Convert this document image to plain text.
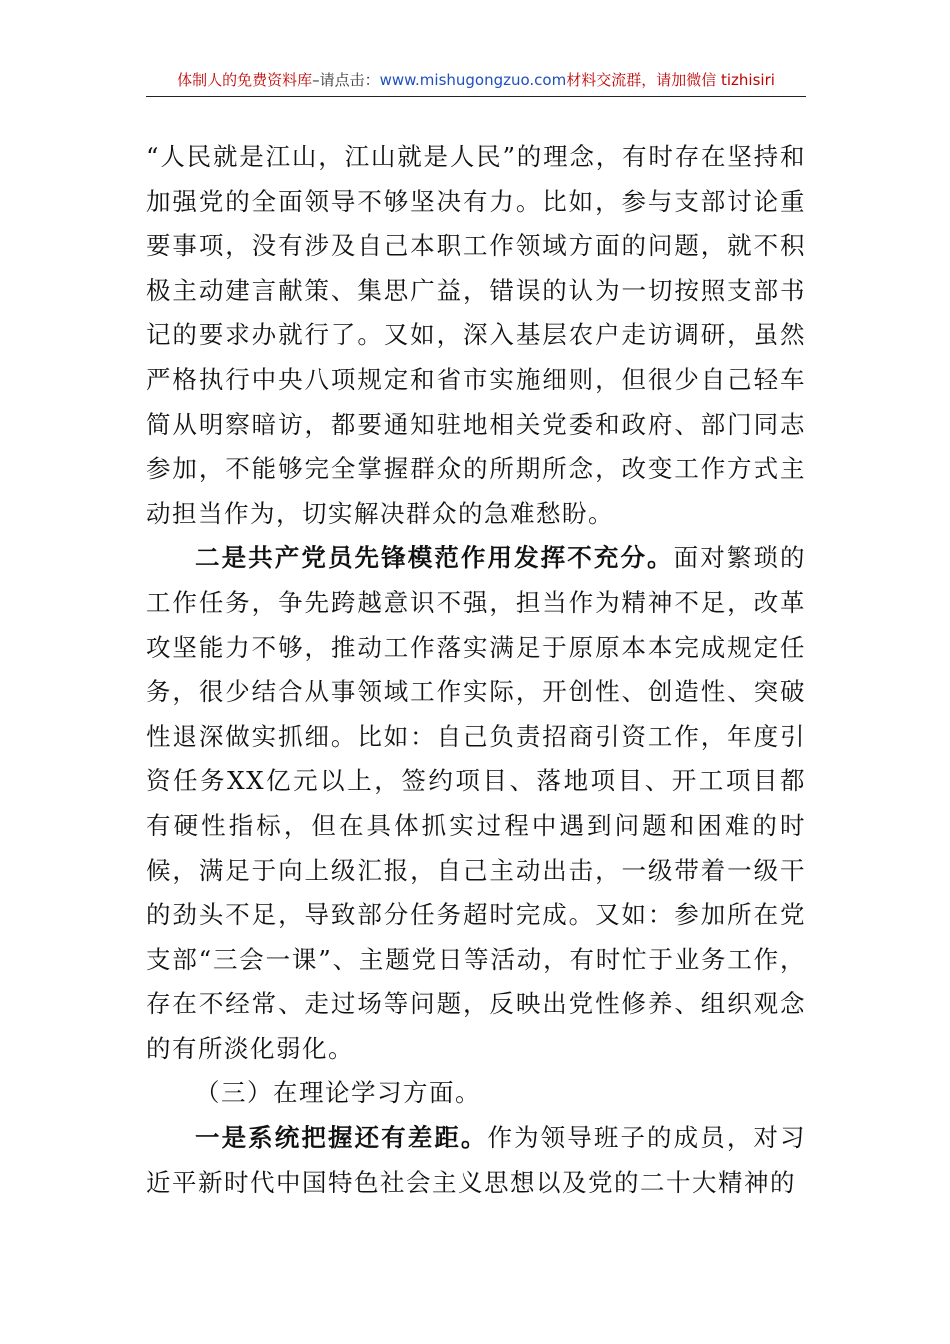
体制人的免费资料库–请点击：www.mishugongzuo.com材料交流群，请加微信 tizhisiri

“人民就是江山，江山就是人民”的理念，有时存在坚持和加强党的全面领导不够坚决有力。比如，参与支部讨论重要事项，没有涉及自己本职工作领域方面的问题，就不积极主动建言献策、集思广益，错误的认为一切按照支部书记的要求办就行了。又如，深入基层农户走访调研，虽然严格执行中央八项规定和省市实施细则，但很少自己轻车简从明察暗访，都要通知驻地相关党委和政府、部门同志参加，不能够完全掌握群众的所期所念，改变工作方式主动担当作为，切实解决群众的急难愁盼。

二是共产党员先锋模范作用发挥不充分。面对繁琐的工作任务，争先跨越意识不强，担当作为精神不足，改革攻坚能力不够，推动工作落实满足于原原本本完成规定任务，很少结合从事领域工作实际，开创性、创造性、突破性退深做实抓细。比如：自己负责招商引资工作，年度引资任务XX亿元以上，签约项目、落地项目、开工项目都有硬性指标，但在具体抓实过程中遇到问题和困难的时候，满足于向上级汇报，自己主动出击，一级带着一级干的劲头不足，导致部分任务超时完成。又如：参加所在党支部“三会一课”、主题党日等活动，有时忙于业务工作，存在不经常、走过场等问题，反映出党性修养、组织观念的有所淡化弱化。

（三）在理论学习方面。

一是系统把握还有差距。作为领导班子的成员，对习近平新时代中国特色社会主义思想以及党的二十大精神的
